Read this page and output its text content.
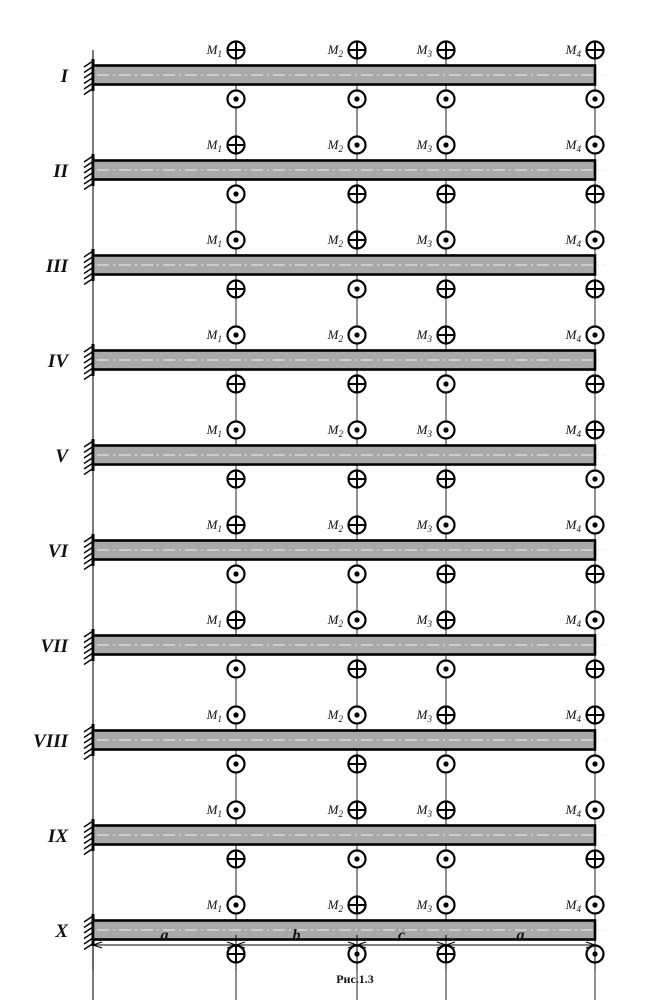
I
$M_1$	$M_2$	$M_3$	$M_4$
II
$M_1$	$M_2$	$M_3$	$M_4$
III
$M_1$	$M_2$	$M_3$	$M_4$
IV
$M_1$	$M_2$	$M_3$	$M_4$
V
$M_1$	$M_2$	$M_3$	$M_4$
VI
$M_1$	$M_2$	$M_3$	$M_4$
VII
$M_1$	$M_2$	$M_3$	$M_4$
VIII
$M_1$	$M_2$	$M_3$	$M_4$
IX
$M_1$	$M_2$	$M_3$	$M_4$
X
$M_1$	$M_2$	$M_3$	$M_4$
a	b	c	a
Рис.1.3
